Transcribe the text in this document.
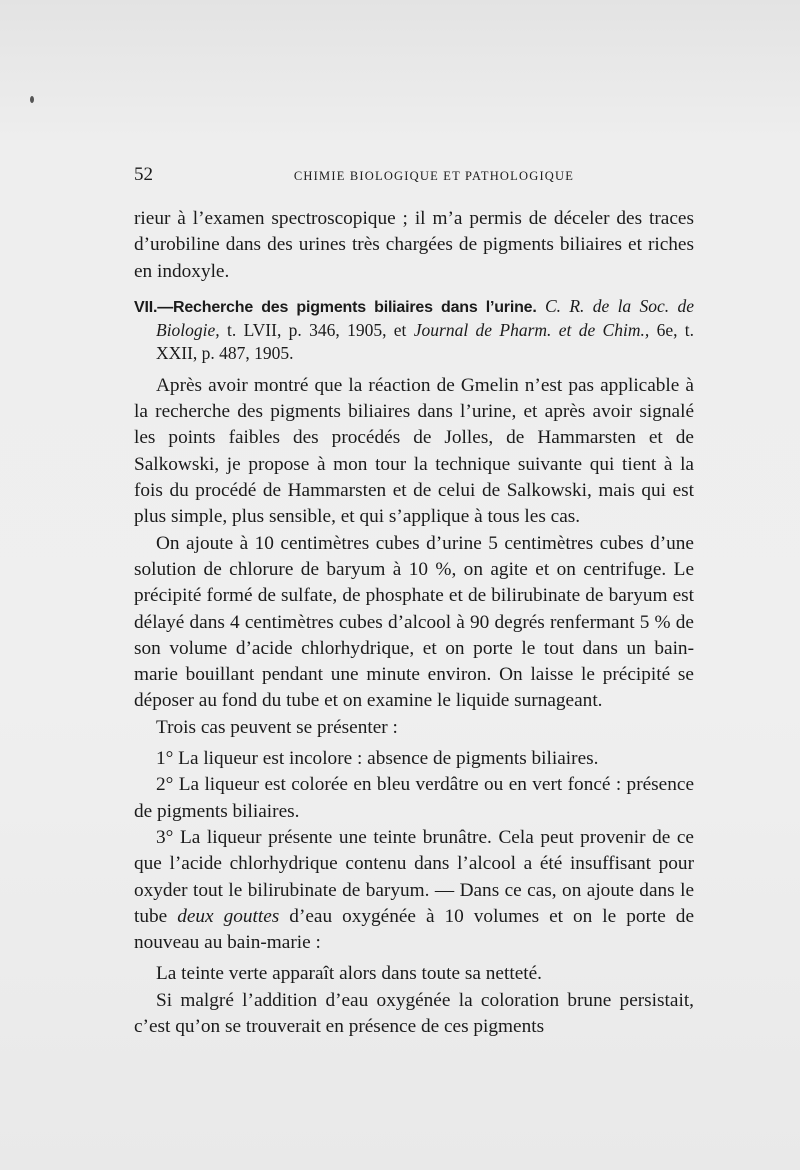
52	CHIMIE BIOLOGIQUE ET PATHOLOGIQUE

rieur à l’examen spectroscopique ; il m’a permis de déceler des traces d’urobiline dans des urines très chargées de pigments biliaires et riches en indoxyle.

VII.—Recherche des pigments biliaires dans l’urine. C. R. de la Soc. de Biologie, t. LVII, p. 346, 1905, et Journal de Pharm. et de Chim., 6e, t. XXII, p. 487, 1905.

Après avoir montré que la réaction de Gmelin n’est pas applicable à la recherche des pigments biliaires dans l’urine, et après avoir signalé les points faibles des procédés de Jolles, de Hammarsten et de Salkowski, je propose à mon tour la technique suivante qui tient à la fois du procédé de Hammarsten et de celui de Salkowski, mais qui est plus simple, plus sensible, et qui s’applique à tous les cas.

On ajoute à 10 centimètres cubes d’urine 5 centimètres cubes d’une solution de chlorure de baryum à 10 %, on agite et on centrifuge. Le précipité formé de sulfate, de phosphate et de bilirubinate de baryum est délayé dans 4 centimètres cubes d’alcool à 90 degrés renfermant 5 % de son volume d’acide chlorhydrique, et on porte le tout dans un bain-marie bouillant pendant une minute environ. On laisse le précipité se déposer au fond du tube et on examine le liquide surnageant.

Trois cas peuvent se présenter :

1° La liqueur est incolore : absence de pigments biliaires.

2° La liqueur est colorée en bleu verdâtre ou en vert foncé : présence de pigments biliaires.

3° La liqueur présente une teinte brunâtre. Cela peut provenir de ce que l’acide chlorhydrique contenu dans l’alcool a été insuffisant pour oxyder tout le bilirubinate de baryum. — Dans ce cas, on ajoute dans le tube deux gouttes d’eau oxygénée à 10 volumes et on le porte de nouveau au bain-marie :

La teinte verte apparaît alors dans toute sa netteté.

Si malgré l’addition d’eau oxygénée la coloration brune persistait, c’est qu’on se trouverait en présence de ces pigments
